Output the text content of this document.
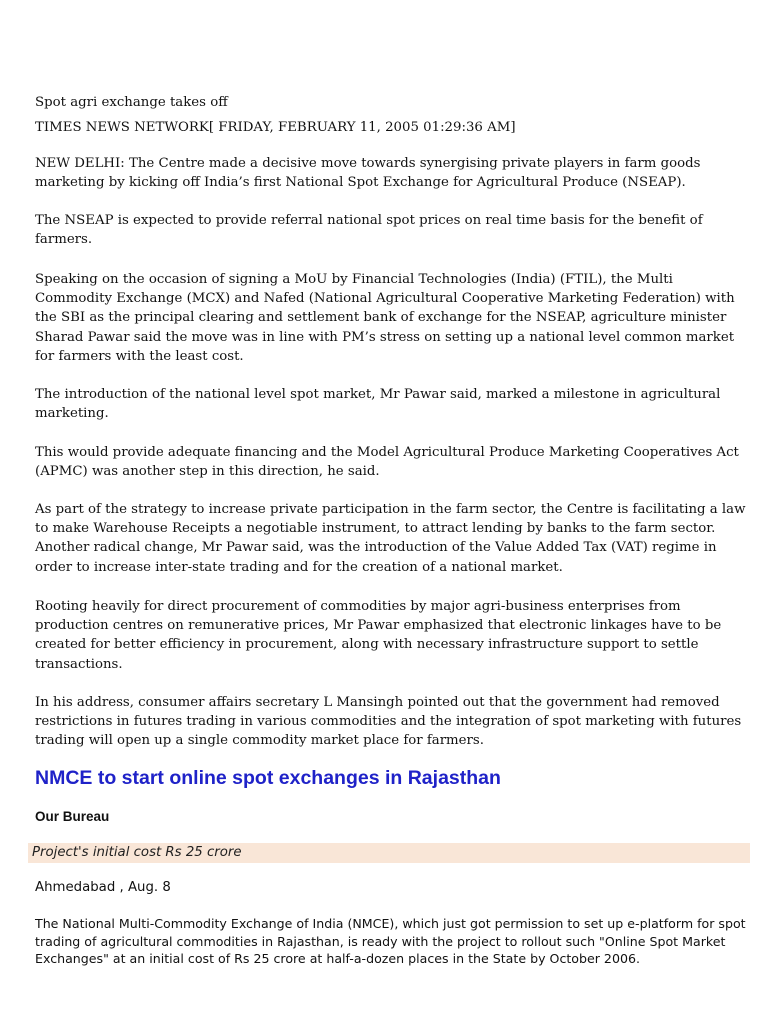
Spot agri exchange takes off

TIMES NEWS NETWORK[ FRIDAY, FEBRUARY 11, 2005 01:29:36 AM]

NEW DELHI: The Centre made a decisive move towards synergising private players in farm goods marketing by kicking off India’s first National Spot Exchange for Agricultural Produce (NSEAP).

The NSEAP is expected to provide referral national spot prices on real time basis for the benefit of farmers.

Speaking on the occasion of signing a MoU by Financial Technologies (India) (FTIL), the Multi Commodity Exchange (MCX) and Nafed (National Agricultural Cooperative Marketing Federation) with the SBI as the principal clearing and settlement bank of exchange for the NSEAP, agriculture minister Sharad Pawar said the move was in line with PM’s stress on setting up a national level common market for farmers with the least cost.

The introduction of the national level spot market, Mr Pawar said, marked a milestone in agricultural marketing.

This would provide adequate financing and the Model Agricultural Produce Marketing Cooperatives Act (APMC) was another step in this direction, he said.

As part of the strategy to increase private participation in the farm sector, the Centre is facilitating a law to make Warehouse Receipts a negotiable instrument, to attract lending by banks to the farm sector. Another radical change, Mr Pawar said, was the introduction of the Value Added Tax (VAT) regime in order to increase inter-state trading and for the creation of a national market.

Rooting heavily for direct procurement of commodities by major agri-business enterprises from production centres on remunerative prices, Mr Pawar emphasized that electronic linkages have to be created for better efficiency in procurement, along with necessary infrastructure support to settle transactions.

In his address, consumer affairs secretary L Mansingh pointed out that the government had removed restrictions in futures trading in various commodities and the integration of spot marketing with futures trading will open up a single commodity market place for farmers.

NMCE to start online spot exchanges in Rajasthan
Our Bureau
Project's initial cost Rs 25 crore
Ahmedabad , Aug. 8

The National Multi-Commodity Exchange of India (NMCE), which just got permission to set up e-platform for spot trading of agricultural commodities in Rajasthan, is ready with the project to rollout such "Online Spot Market Exchanges" at an initial cost of Rs 25 crore at half-a-dozen places in the State by October 2006.
